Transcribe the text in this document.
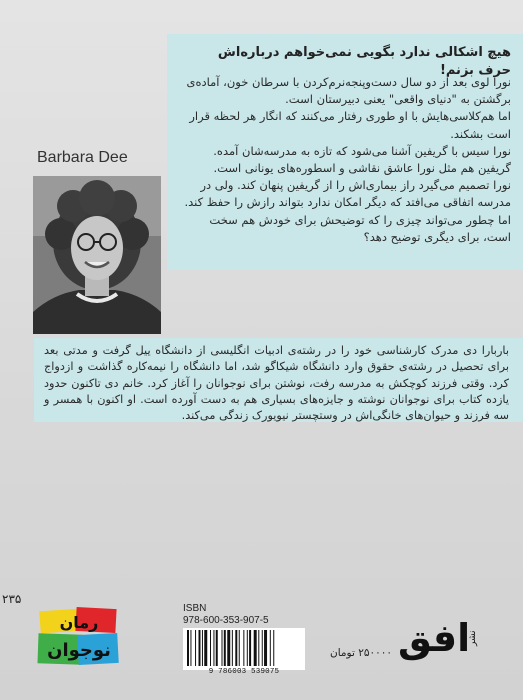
هیچ اشکالی ندارد بگویی نمی‌خواهم درباره‌اش حرف بزنم!

نورا لوی بعد از دو سال دست‌وپنجه‌نرم‌کردن با سرطان خون، آماده‌ی برگشتن به "دنیای واقعی" یعنی دبیرستان است.

اما هم‌کلاسی‌هایش با او طوری رفتار می‌کنند که انگار هر لحظه قرار است بشکند.

نورا سیس با گریفین آشنا می‌شود که تازه به مدرسه‌شان آمده. گریفین هم مثل نورا عاشق نقاشی و اسطوره‌های یونانی است.

نورا تصمیم می‌گیرد راز بیماری‌اش را از گریفین پنهان کند. ولی در مدرسه اتفاقی می‌افتد که دیگر امکان ندارد بتواند رازش را حفظ کند. اما چطور می‌تواند چیزی را که توضیحش برای خودش هم سخت است، برای دیگری توضیح دهد؟

Barbara Dee

باربارا دی مدرک کارشناسی خود را در رشته‌ی ادبیات انگلیسی از دانشگاه ییل گرفت و مدتی بعد برای تحصیل در رشته‌ی حقوق وارد دانشگاه شیکاگو شد، اما دانشگاه را نیمه‌کاره گذاشت و ازدواج کرد. وقتی فرزند کوچکش به مدرسه رفت، نوشتن برای نوجوانان را آغاز کرد. خانم دی تاکنون حدود یازده کتاب برای نوجوانان نوشته و جایزه‌های بسیاری هم به دست آورده است. او اکنون با همسر و سه فرزند و حیوان‌های خانگی‌اش در وستچستر نیویورک زندگی می‌کند.

۲۳۵

رمان
نوجوان

ISBN

978-600-353-907-5

9 786003 539075

۲۵۰۰۰۰ تومان افق

نشر
